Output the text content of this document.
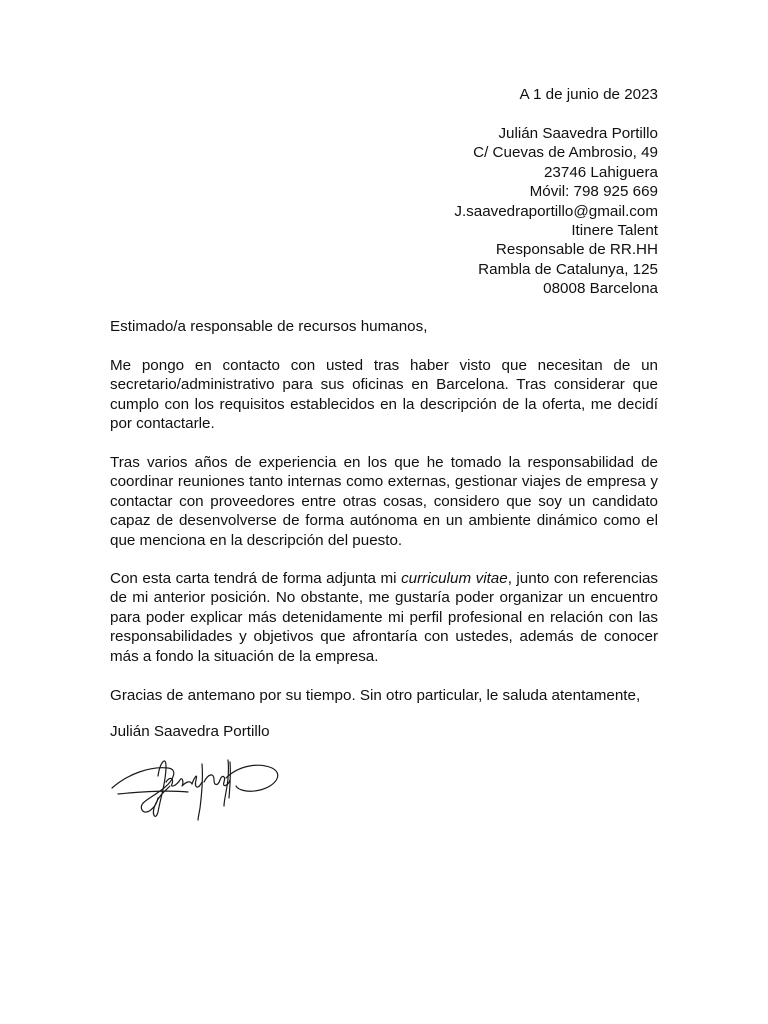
A 1 de junio de 2023
Julián Saavedra Portillo
C/ Cuevas de Ambrosio, 49
23746 Lahiguera
Móvil: 798 925 669
J.saavedraportillo@gmail.com
Itinere Talent
Responsable de RR.HH
Rambla de Catalunya, 125
08008 Barcelona
Estimado/a responsable de recursos humanos,
Me pongo en contacto con usted tras haber visto que necesitan de un secretario/administrativo para sus oficinas en Barcelona. Tras considerar que cumplo con los requisitos establecidos en la descripción de la oferta, me decidí por contactarle.
Tras varios años de experiencia en los que he tomado la responsabilidad de coordinar reuniones tanto internas como externas, gestionar viajes de empresa y contactar con proveedores entre otras cosas, considero que soy un candidato capaz de desenvolverse de forma autónoma en un ambiente dinámico como el que menciona en la descripción del puesto.
Con esta carta tendrá de forma adjunta mi curriculum vitae, junto con referencias de mi anterior posición. No obstante, me gustaría poder organizar un encuentro para poder explicar más detenidamente mi perfil profesional en relación con las responsabilidades y objetivos que afrontaría con ustedes, además de conocer más a fondo la situación de la empresa.
Gracias de antemano por su tiempo. Sin otro particular, le saluda atentamente,
Julián Saavedra Portillo
